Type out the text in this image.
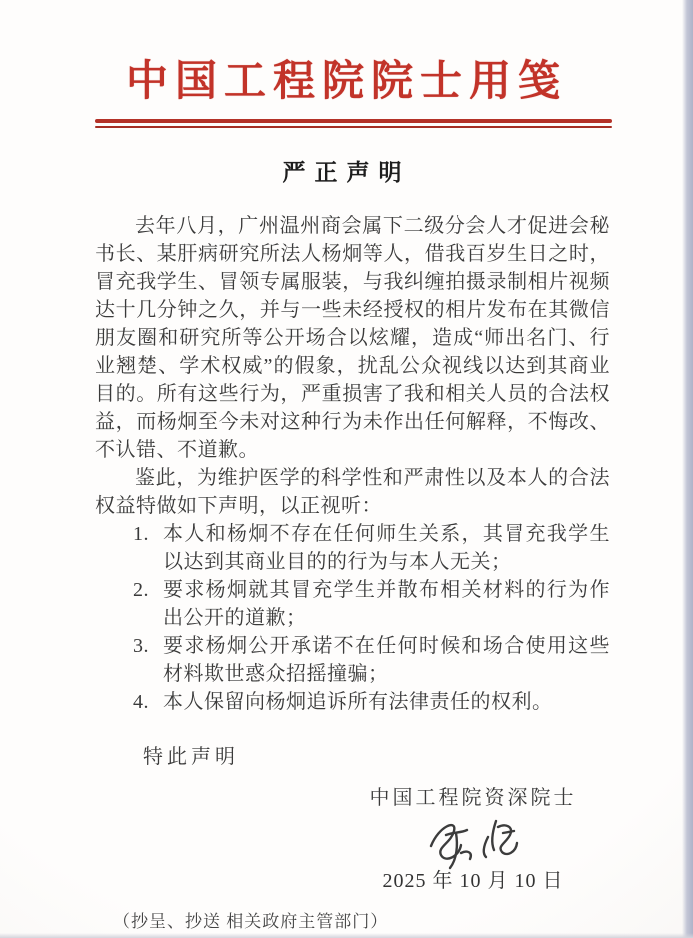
中国工程院院士用笺
严正声明

去年八月，广州温州商会属下二级分会人才促进会秘书长、某肝病研究所法人杨炯等人，借我百岁生日之时，冒充我学生、冒领专属服装，与我纠缠拍摄录制相片视频达十几分钟之久，并与一些未经授权的相片发布在其微信朋友圈和研究所等公开场合以炫耀，造成“师出名门、行业翘楚、学术权威”的假象，扰乱公众视线以达到其商业目的。所有这些行为，严重损害了我和相关人员的合法权益，而杨炯至今未对这种行为未作出任何解释，不悔改、不认错、不道歉。

鉴此，为维护医学的科学性和严肃性以及本人的合法权益特做如下声明，以正视听：

1. 本人和杨炯不存在任何师生关系，其冒充我学生以达到其商业目的的行为与本人无关；
2. 要求杨炯就其冒充学生并散布相关材料的行为作出公开的道歉；
3. 要求杨炯公开承诺不在任何时候和场合使用这些材料欺世惑众招摇撞骗；
4. 本人保留向杨炯追诉所有法律责任的权利。
特此声明
中国工程院资深院士
2025 年 10 月 10 日
（抄呈、抄送 相关政府主管部门）
